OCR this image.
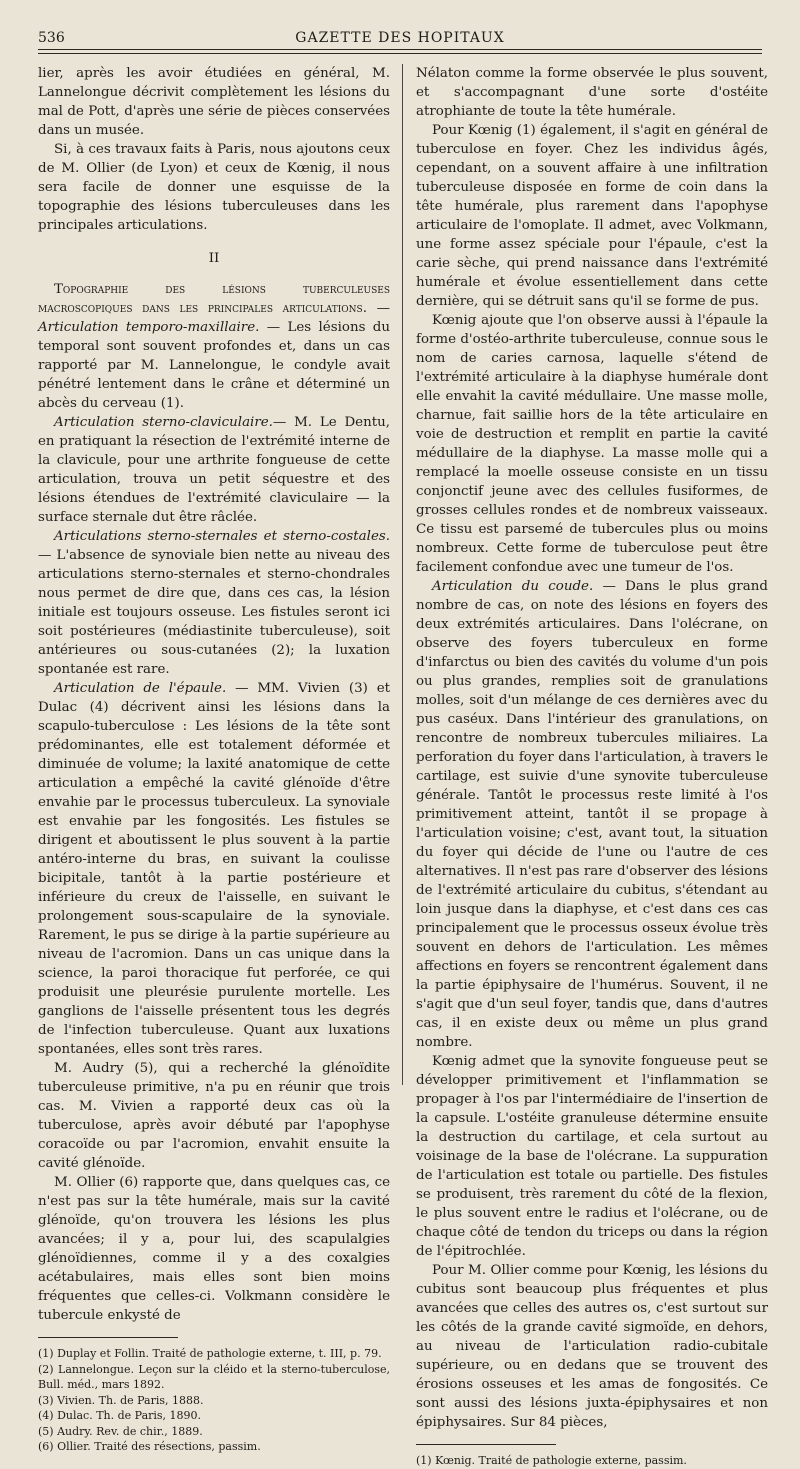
536	GAZETTE DES HOPITAUX

lier, après les avoir étudiées en général, M. Lannelongue décrivit complètement les lésions du mal de Pott, d'après une série de pièces conservées dans un musée.

Si, à ces travaux faits à Paris, nous ajoutons ceux de M. Ollier (de Lyon) et ceux de Kœnig, il nous sera facile de donner une esquisse de la topographie des lésions tuberculeuses dans les principales articulations.

II

Topographie des lésions tuberculeuses macroscopiques dans les principales articulations. — Articulation temporo-maxillaire. — Les lésions du temporal sont souvent profondes et, dans un cas rapporté par M. Lannelongue, le condyle avait pénétré lentement dans le crâne et déterminé un abcès du cerveau (1).

Articulation sterno-claviculaire.— M. Le Dentu, en pratiquant la résection de l'extrémité interne de la clavicule, pour une arthrite fongueuse de cette articulation, trouva un petit séquestre et des lésions étendues de l'extrémité claviculaire — la surface sternale dut être râclée.

Articulations sterno-sternales et sterno-costales. — L'absence de synoviale bien nette au niveau des articulations sterno-sternales et sterno-chondrales nous permet de dire que, dans ces cas, la lésion initiale est toujours osseuse. Les fistules seront ici soit postérieures (médiastinite tuberculeuse), soit antérieures ou sous-cutanées (2); la luxation spontanée est rare.

Articulation de l'épaule. — MM. Vivien (3) et Dulac (4) décrivent ainsi les lésions dans la scapulo-tuberculose : Les lésions de la tête sont prédominantes, elle est totalement déformée et diminuée de volume; la laxité anatomique de cette articulation a empêché la cavité glénoïde d'être envahie par le processus tuberculeux. La synoviale est envahie par les fongosités. Les fistules se dirigent et aboutissent le plus souvent à la partie antéro-interne du bras, en suivant la coulisse bicipitale, tantôt à la partie postérieure et inférieure du creux de l'aisselle, en suivant le prolongement sous-scapulaire de la synoviale. Rarement, le pus se dirige à la partie supérieure au niveau de l'acromion. Dans un cas unique dans la science, la paroi thoracique fut perforée, ce qui produisit une pleurésie purulente mortelle. Les ganglions de l'aisselle présentent tous les degrés de l'infection tuberculeuse. Quant aux luxations spontanées, elles sont très rares.

M. Audry (5), qui a recherché la glénoïdite tuberculeuse primitive, n'a pu en réunir que trois cas. M. Vivien a rapporté deux cas où la tuberculose, après avoir débuté par l'apophyse coracoïde ou par l'acromion, envahit ensuite la cavité glénoïde.

M. Ollier (6) rapporte que, dans quelques cas, ce n'est pas sur la tête humérale, mais sur la cavité glénoïde, qu'on trouvera les lésions les plus avancées; il y a, pour lui, des scapulalgies glénoïdiennes, comme il y a des coxalgies acétabulaires, mais elles sont bien moins fréquentes que celles-ci. Volkmann considère le tubercule enkysté de

(1) Duplay et Follin. Traité de pathologie externe, t. III, p. 79.

(2) Lannelongue. Leçon sur la cléido et la sterno-tuberculose, Bull. méd., mars 1892.

(3) Vivien. Th. de Paris, 1888.

(4) Dulac. Th. de Paris, 1890.

(5) Audry. Rev. de chir., 1889.

(6) Ollier. Traité des résections, passim.

Nélaton comme la forme observée le plus souvent, et s'accompagnant d'une sorte d'ostéite atrophiante de toute la tête humérale.

Pour Kœnig (1) également, il s'agit en général de tuberculose en foyer. Chez les individus âgés, cependant, on a souvent affaire à une infiltration tuberculeuse disposée en forme de coin dans la tête humérale, plus rarement dans l'apophyse articulaire de l'omoplate. Il admet, avec Volkmann, une forme assez spéciale pour l'épaule, c'est la carie sèche, qui prend naissance dans l'extrémité humérale et évolue essentiellement dans cette dernière, qui se détruit sans qu'il se forme de pus.

Kœnig ajoute que l'on observe aussi à l'épaule la forme d'ostéo-arthrite tuberculeuse, connue sous le nom de caries carnosa, laquelle s'étend de l'extrémité articulaire à la diaphyse humérale dont elle envahit la cavité médullaire. Une masse molle, charnue, fait saillie hors de la tête articulaire en voie de destruction et remplit en partie la cavité médullaire de la diaphyse. La masse molle qui a remplacé la moelle osseuse consiste en un tissu conjonctif jeune avec des cellules fusiformes, de grosses cellules rondes et de nombreux vaisseaux. Ce tissu est parsemé de tubercules plus ou moins nombreux. Cette forme de tuberculose peut être facilement confondue avec une tumeur de l'os.

Articulation du coude. — Dans le plus grand nombre de cas, on note des lésions en foyers des deux extrémités articulaires. Dans l'olécrane, on observe des foyers tuberculeux en forme d'infarctus ou bien des cavités du volume d'un pois ou plus grandes, remplies soit de granulations molles, soit d'un mélange de ces dernières avec du pus caséux. Dans l'intérieur des granulations, on rencontre de nombreux tubercules miliaires. La perforation du foyer dans l'articulation, à travers le cartilage, est suivie d'une synovite tuberculeuse générale. Tantôt le processus reste limité à l'os primitivement atteint, tantôt il se propage à l'articulation voisine; c'est, avant tout, la situation du foyer qui décide de l'une ou l'autre de ces alternatives. Il n'est pas rare d'observer des lésions de l'extrémité articulaire du cubitus, s'étendant au loin jusque dans la diaphyse, et c'est dans ces cas principalement que le processus osseux évolue très souvent en dehors de l'articulation. Les mêmes affections en foyers se rencontrent également dans la partie épiphysaire de l'humérus. Souvent, il ne s'agit que d'un seul foyer, tandis que, dans d'autres cas, il en existe deux ou même un plus grand nombre.

Kœnig admet que la synovite fongueuse peut se développer primitivement et l'inflammation se propager à l'os par l'intermédiaire de l'insertion de la capsule. L'ostéite granuleuse détermine ensuite la destruction du cartilage, et cela surtout au voisinage de la base de l'olécrane. La suppuration de l'articulation est totale ou partielle. Des fistules se produisent, très rarement du côté de la flexion, le plus souvent entre le radius et l'olécrane, ou de chaque côté de tendon du triceps ou dans la région de l'épitrochlée.

Pour M. Ollier comme pour Kœnig, les lésions du cubitus sont beaucoup plus fréquentes et plus avancées que celles des autres os, c'est surtout sur les côtés de la grande cavité sigmoïde, en dehors, au niveau de l'articulation radio-cubitale supérieure, ou en dedans que se trouvent des érosions osseuses et les amas de fongosités. Ce sont aussi des lésions juxta-épiphysaires et non épiphysaires. Sur 84 pièces,

(1) Kœnig. Traité de pathologie externe, passim.
